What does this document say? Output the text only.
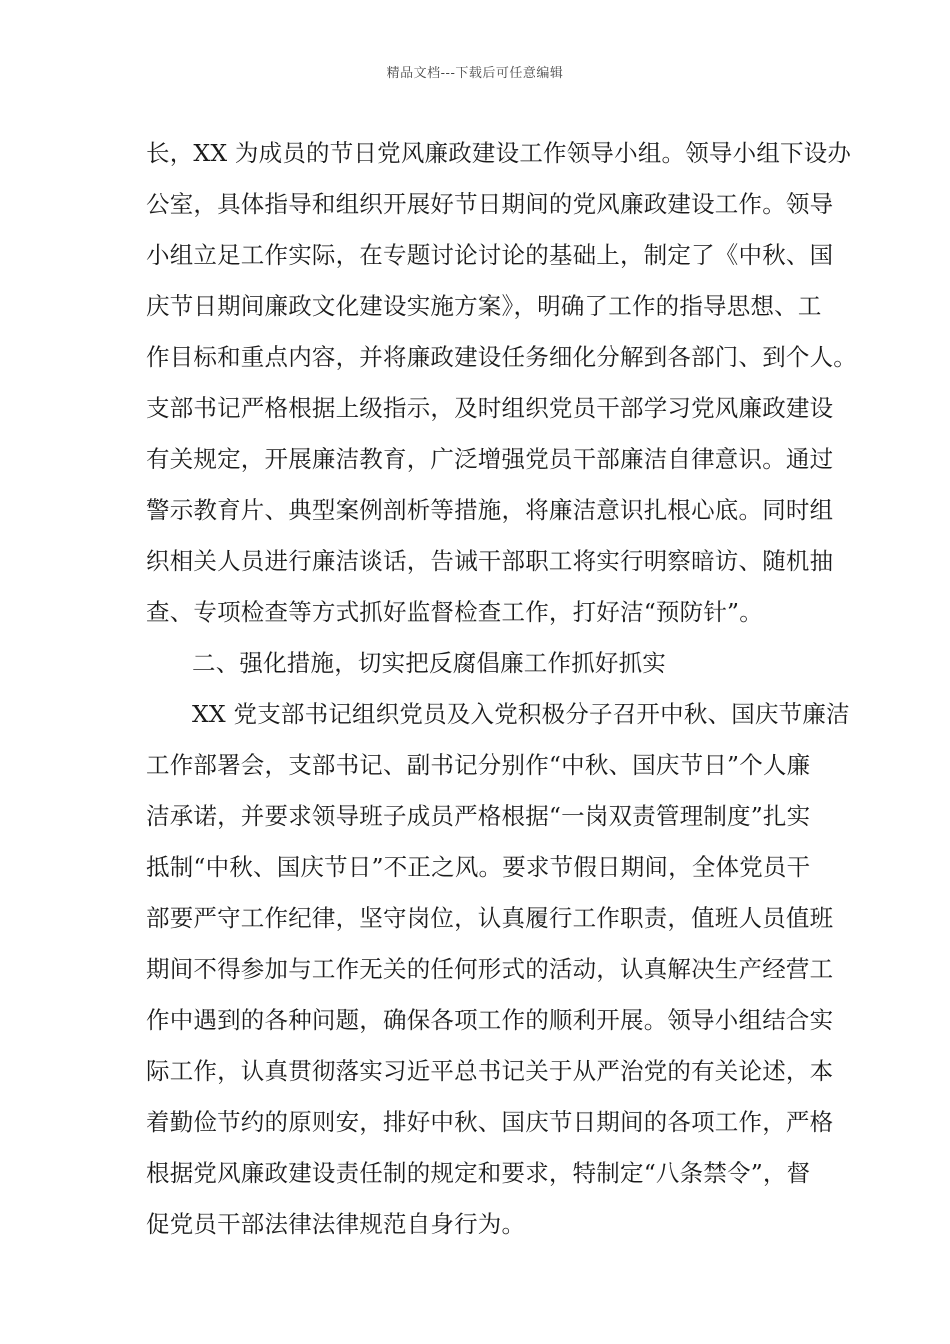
精品文档---下载后可任意编辑
长，XX 为成员的节日党风廉政建设工作领导小组。领导小组下设办
公室，具体指导和组织开展好节日期间的党风廉政建设工作。领导
小组立足工作实际，在专题讨论讨论的基础上，制定了《中秋、国
庆节日期间廉政文化建设实施方案》，明确了工作的指导思想、工
作目标和重点内容，并将廉政建设任务细化分解到各部门、到个人。
支部书记严格根据上级指示，及时组织党员干部学习党风廉政建设
有关规定，开展廉洁教育，广泛增强党员干部廉洁自律意识。通过
警示教育片、典型案例剖析等措施，将廉洁意识扎根心底。同时组
织相关人员进行廉洁谈话，告诫干部职工将实行明察暗访、随机抽
查、专项检查等方式抓好监督检查工作，打好洁“预防针”。
二、强化措施，切实把反腐倡廉工作抓好抓实
XX 党支部书记组织党员及入党积极分子召开中秋、国庆节廉洁
工作部署会，支部书记、副书记分别作“中秋、国庆节日”个人廉
洁承诺，并要求领导班子成员严格根据“一岗双责管理制度”扎实
抵制“中秋、国庆节日”不正之风。要求节假日期间，全体党员干
部要严守工作纪律，坚守岗位，认真履行工作职责，值班人员值班
期间不得参加与工作无关的任何形式的活动，认真解决生产经营工
作中遇到的各种问题，确保各项工作的顺利开展。领导小组结合实
际工作，认真贯彻落实习近平总书记关于从严治党的有关论述，本
着勤俭节约的原则安，排好中秋、国庆节日期间的各项工作，严格
根据党风廉政建设责任制的规定和要求，特制定“八条禁令”，督
促党员干部法律法律规范自身行为。
